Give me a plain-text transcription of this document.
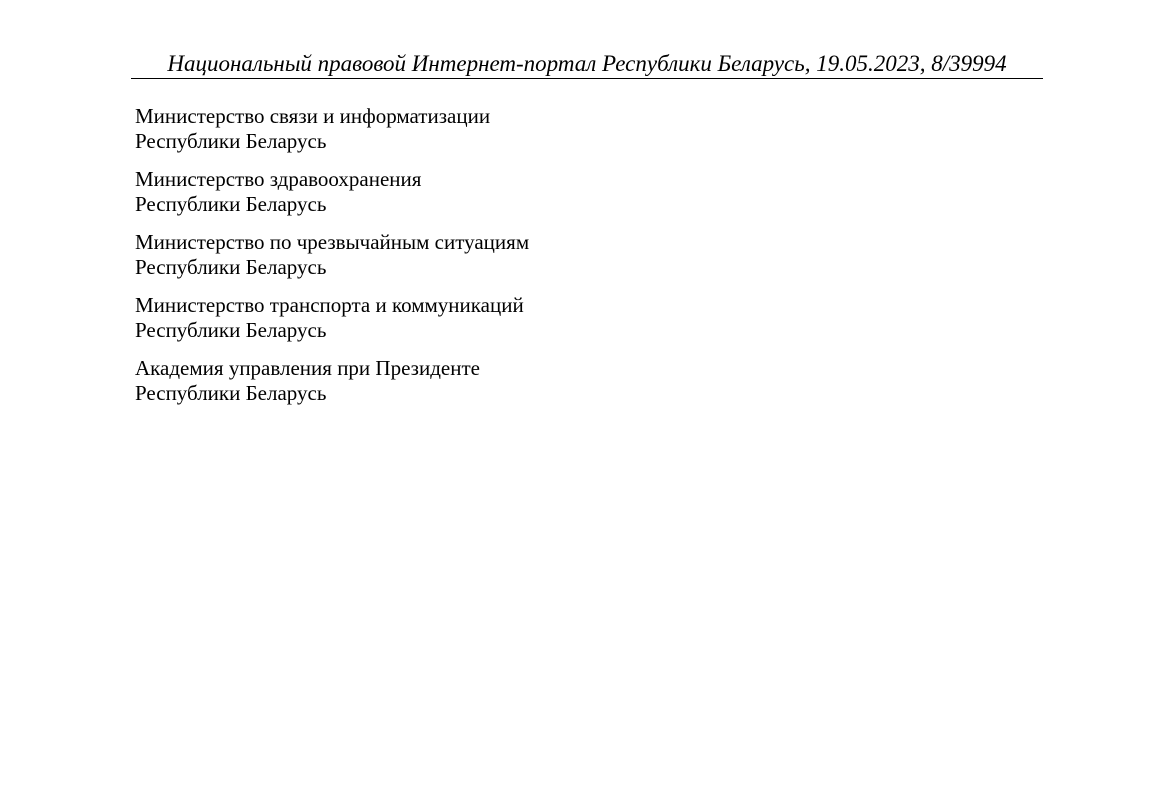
Национальный правовой Интернет-портал Республики Беларусь, 19.05.2023, 8/39994
Министерство связи и информатизации
Республики Беларусь
Министерство здравоохранения
Республики Беларусь
Министерство по чрезвычайным ситуациям
Республики Беларусь
Министерство транспорта и коммуникаций
Республики Беларусь
Академия управления при Президенте
Республики Беларусь
